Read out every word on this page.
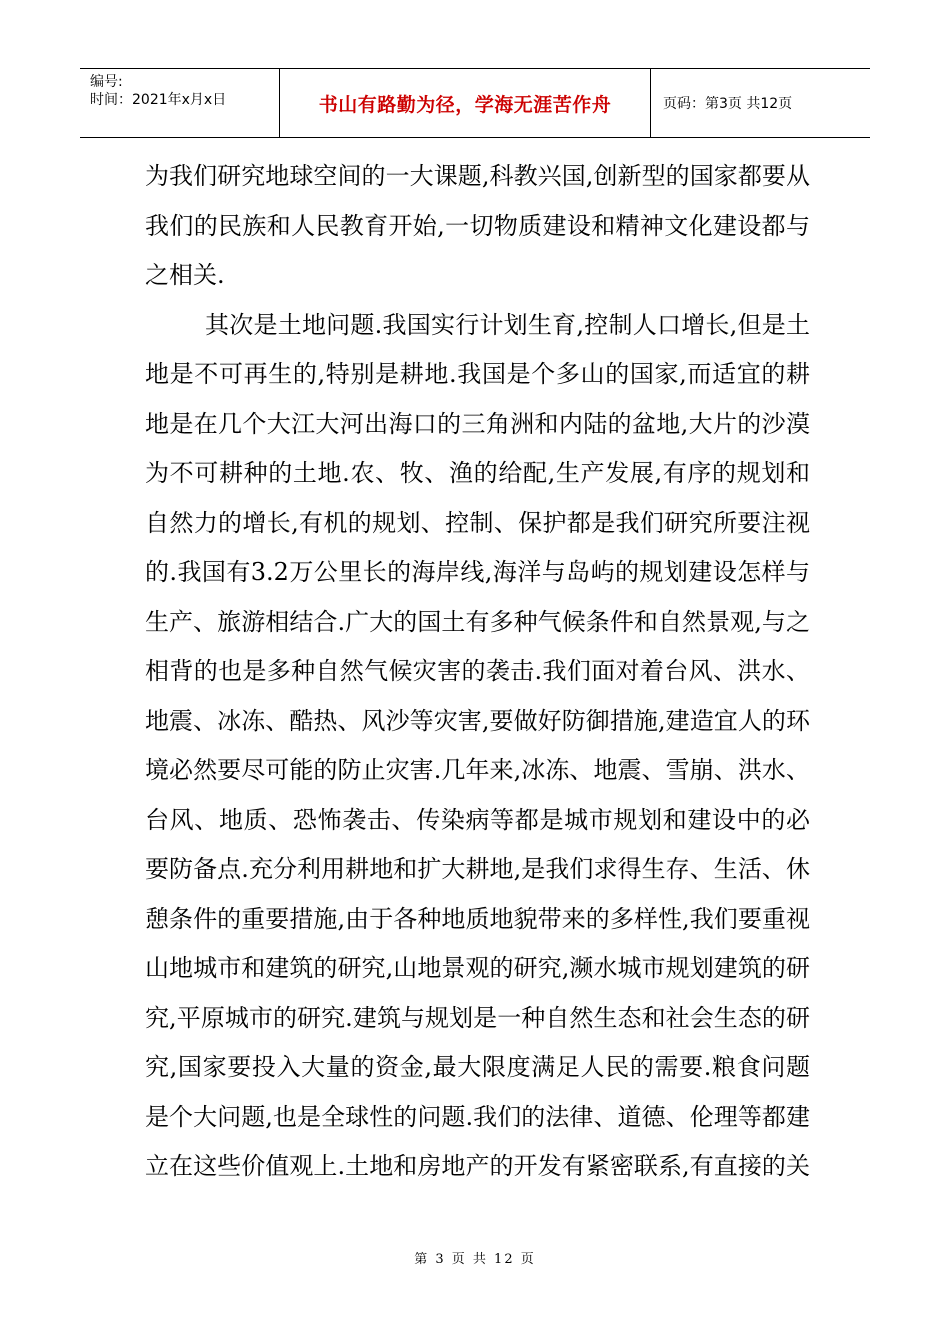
编号:
时间：2021年x月x日	书山有路勤为径，学海无涯苦作舟	页码：第3页 共12页
为我们研究地球空间的一大课题,科教兴国,创新型的国家都要从
我们的民族和人民教育开始,一切物质建设和精神文化建设都与
之相关.
其次是土地问题.我国实行计划生育,控制人口增长,但是土
地是不可再生的,特别是耕地.我国是个多山的国家,而适宜的耕
地是在几个大江大河出海口的三角洲和内陆的盆地,大片的沙漠
为不可耕种的土地.农、牧、渔的给配,生产发展,有序的规划和
自然力的增长,有机的规划、控制、保护都是我们研究所要注视
的.我国有3.2万公里长的海岸线,海洋与岛屿的规划建设怎样与
生产、旅游相结合.广大的国土有多种气候条件和自然景观,与之
相背的也是多种自然气候灾害的袭击.我们面对着台风、洪水、
地震、冰冻、酷热、风沙等灾害,要做好防御措施,建造宜人的环
境必然要尽可能的防止灾害.几年来,冰冻、地震、雪崩、洪水、
台风、地质、恐怖袭击、传染病等都是城市规划和建设中的必
要防备点.充分利用耕地和扩大耕地,是我们求得生存、生活、休
憩条件的重要措施,由于各种地质地貌带来的多样性,我们要重视
山地城市和建筑的研究,山地景观的研究,濒水城市规划建筑的研
究,平原城市的研究.建筑与规划是一种自然生态和社会生态的研
究,国家要投入大量的资金,最大限度满足人民的需要.粮食问题
是个大问题,也是全球性的问题.我们的法律、道德、伦理等都建
立在这些价值观上.土地和房地产的开发有紧密联系,有直接的关
第 3 页 共 12 页
